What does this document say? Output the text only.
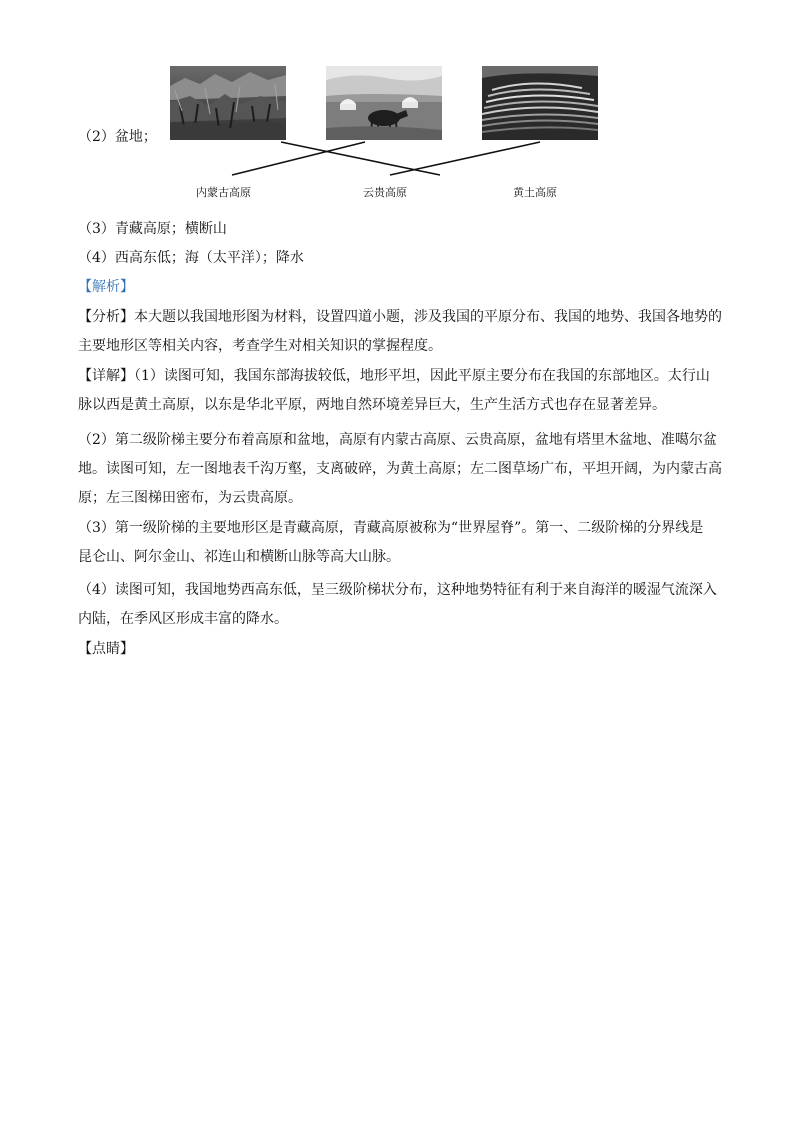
内蒙古高原	云贵高原	黄土高原
（2）盆地；
（3）青藏高原；横断山
（4）西高东低；海（太平洋）；降水
【解析】
【分析】本大题以我国地形图为材料，设置四道小题，涉及我国的平原分布、我国的地势、我国各地势的
主要地形区等相关内容，考查学生对相关知识的掌握程度。
【详解】（1）读图可知，我国东部海拔较低，地形平坦，因此平原主要分布在我国的东部地区。太行山
脉以西是黄土高原，以东是华北平原，两地自然环境差异巨大，生产生活方式也存在显著差异。
（2）第二级阶梯主要分布着高原和盆地，高原有内蒙古高原、云贵高原，盆地有塔里木盆地、准噶尔盆
地。读图可知，左一图地表千沟万壑，支离破碎，为黄土高原；左二图草场广布，平坦开阔，为内蒙古高
原；左三图梯田密布，为云贵高原。
（3）第一级阶梯的主要地形区是青藏高原，青藏高原被称为“世界屋脊”。第一、二级阶梯的分界线是
昆仑山、阿尔金山、祁连山和横断山脉等高大山脉。
（4）读图可知，我国地势西高东低，呈三级阶梯状分布，这种地势特征有利于来自海洋的暖湿气流深入
内陆，在季风区形成丰富的降水。
【点睛】
